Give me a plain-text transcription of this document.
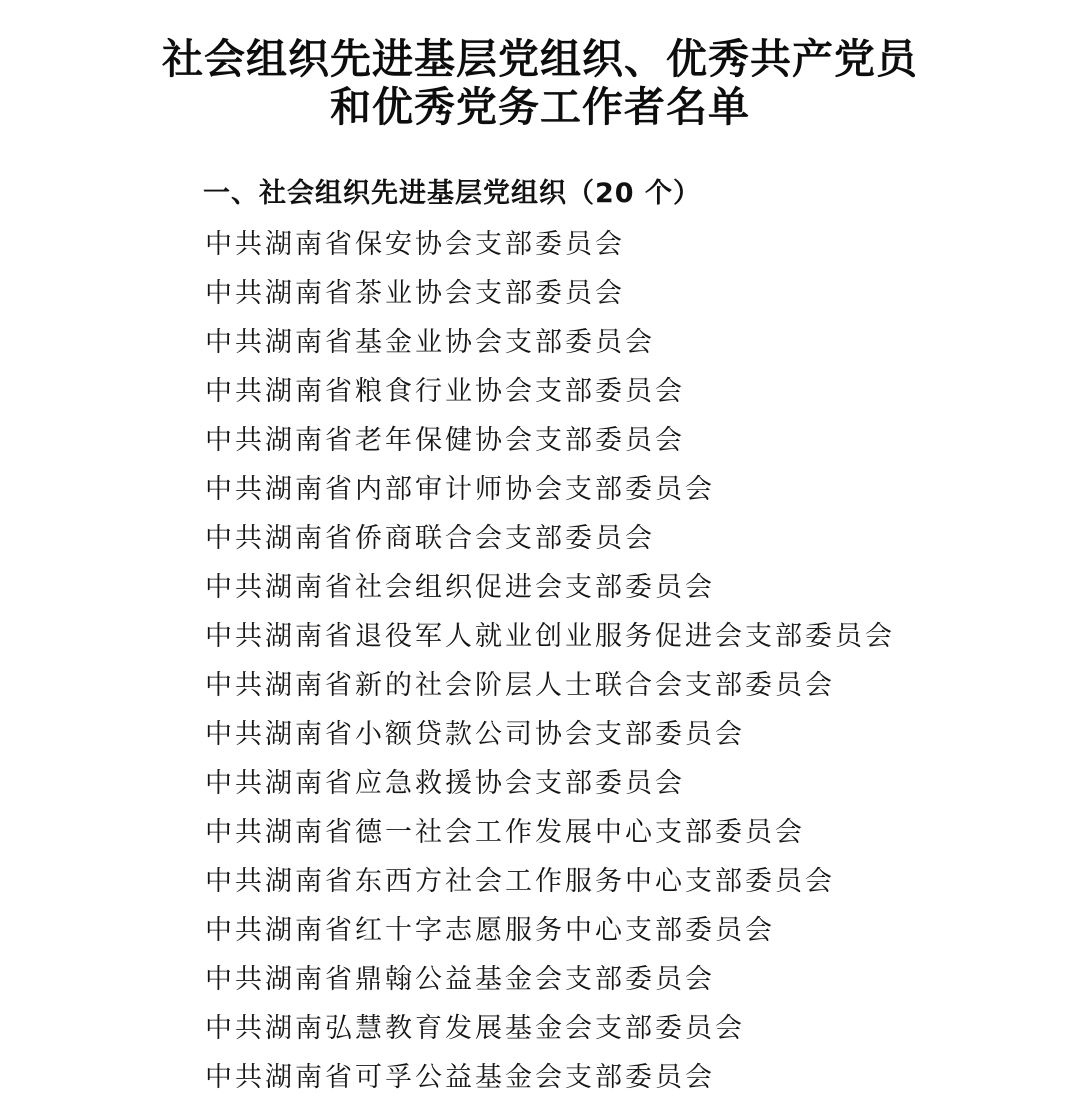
社会组织先进基层党组织、优秀共产党员
和优秀党务工作者名单
一、社会组织先进基层党组织（20 个）
中共湖南省保安协会支部委员会
中共湖南省茶业协会支部委员会
中共湖南省基金业协会支部委员会
中共湖南省粮食行业协会支部委员会
中共湖南省老年保健协会支部委员会
中共湖南省内部审计师协会支部委员会
中共湖南省侨商联合会支部委员会
中共湖南省社会组织促进会支部委员会
中共湖南省退役军人就业创业服务促进会支部委员会
中共湖南省新的社会阶层人士联合会支部委员会
中共湖南省小额贷款公司协会支部委员会
中共湖南省应急救援协会支部委员会
中共湖南省德一社会工作发展中心支部委员会
中共湖南省东西方社会工作服务中心支部委员会
中共湖南省红十字志愿服务中心支部委员会
中共湖南省鼎翰公益基金会支部委员会
中共湖南弘慧教育发展基金会支部委员会
中共湖南省可孚公益基金会支部委员会
